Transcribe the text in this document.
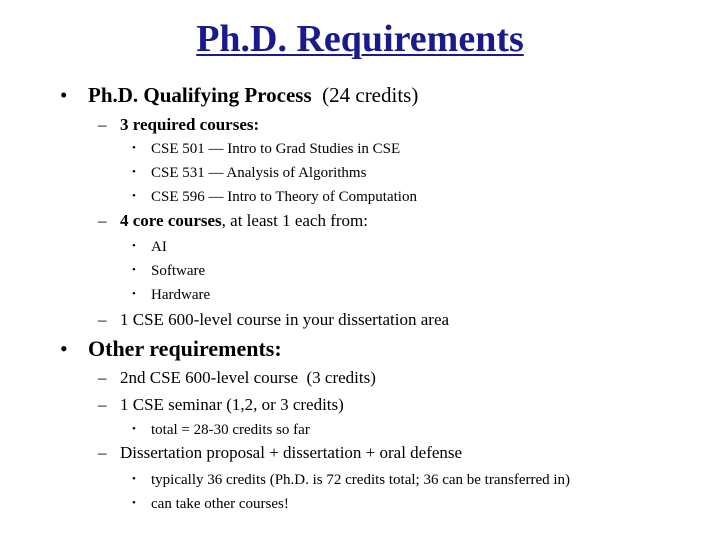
Ph.D. Requirements
• Ph.D. Qualifying Process  (24 credits)
– 3 required courses:
• CSE 501 — Intro to Grad Studies in CSE
• CSE 531 — Analysis of Algorithms
• CSE 596 — Intro to Theory of Computation
– 4 core courses, at least 1 each from:
• AI
• Software
• Hardware
– 1 CSE 600-level course in your dissertation area
• Other requirements:
– 2nd CSE 600-level course  (3 credits)
– 1 CSE seminar (1,2, or 3 credits)
• total = 28-30 credits so far
– Dissertation proposal + dissertation + oral defense
• typically 36 credits (Ph.D. is 72 credits total; 36 can be transferred in)
• can take other courses!
